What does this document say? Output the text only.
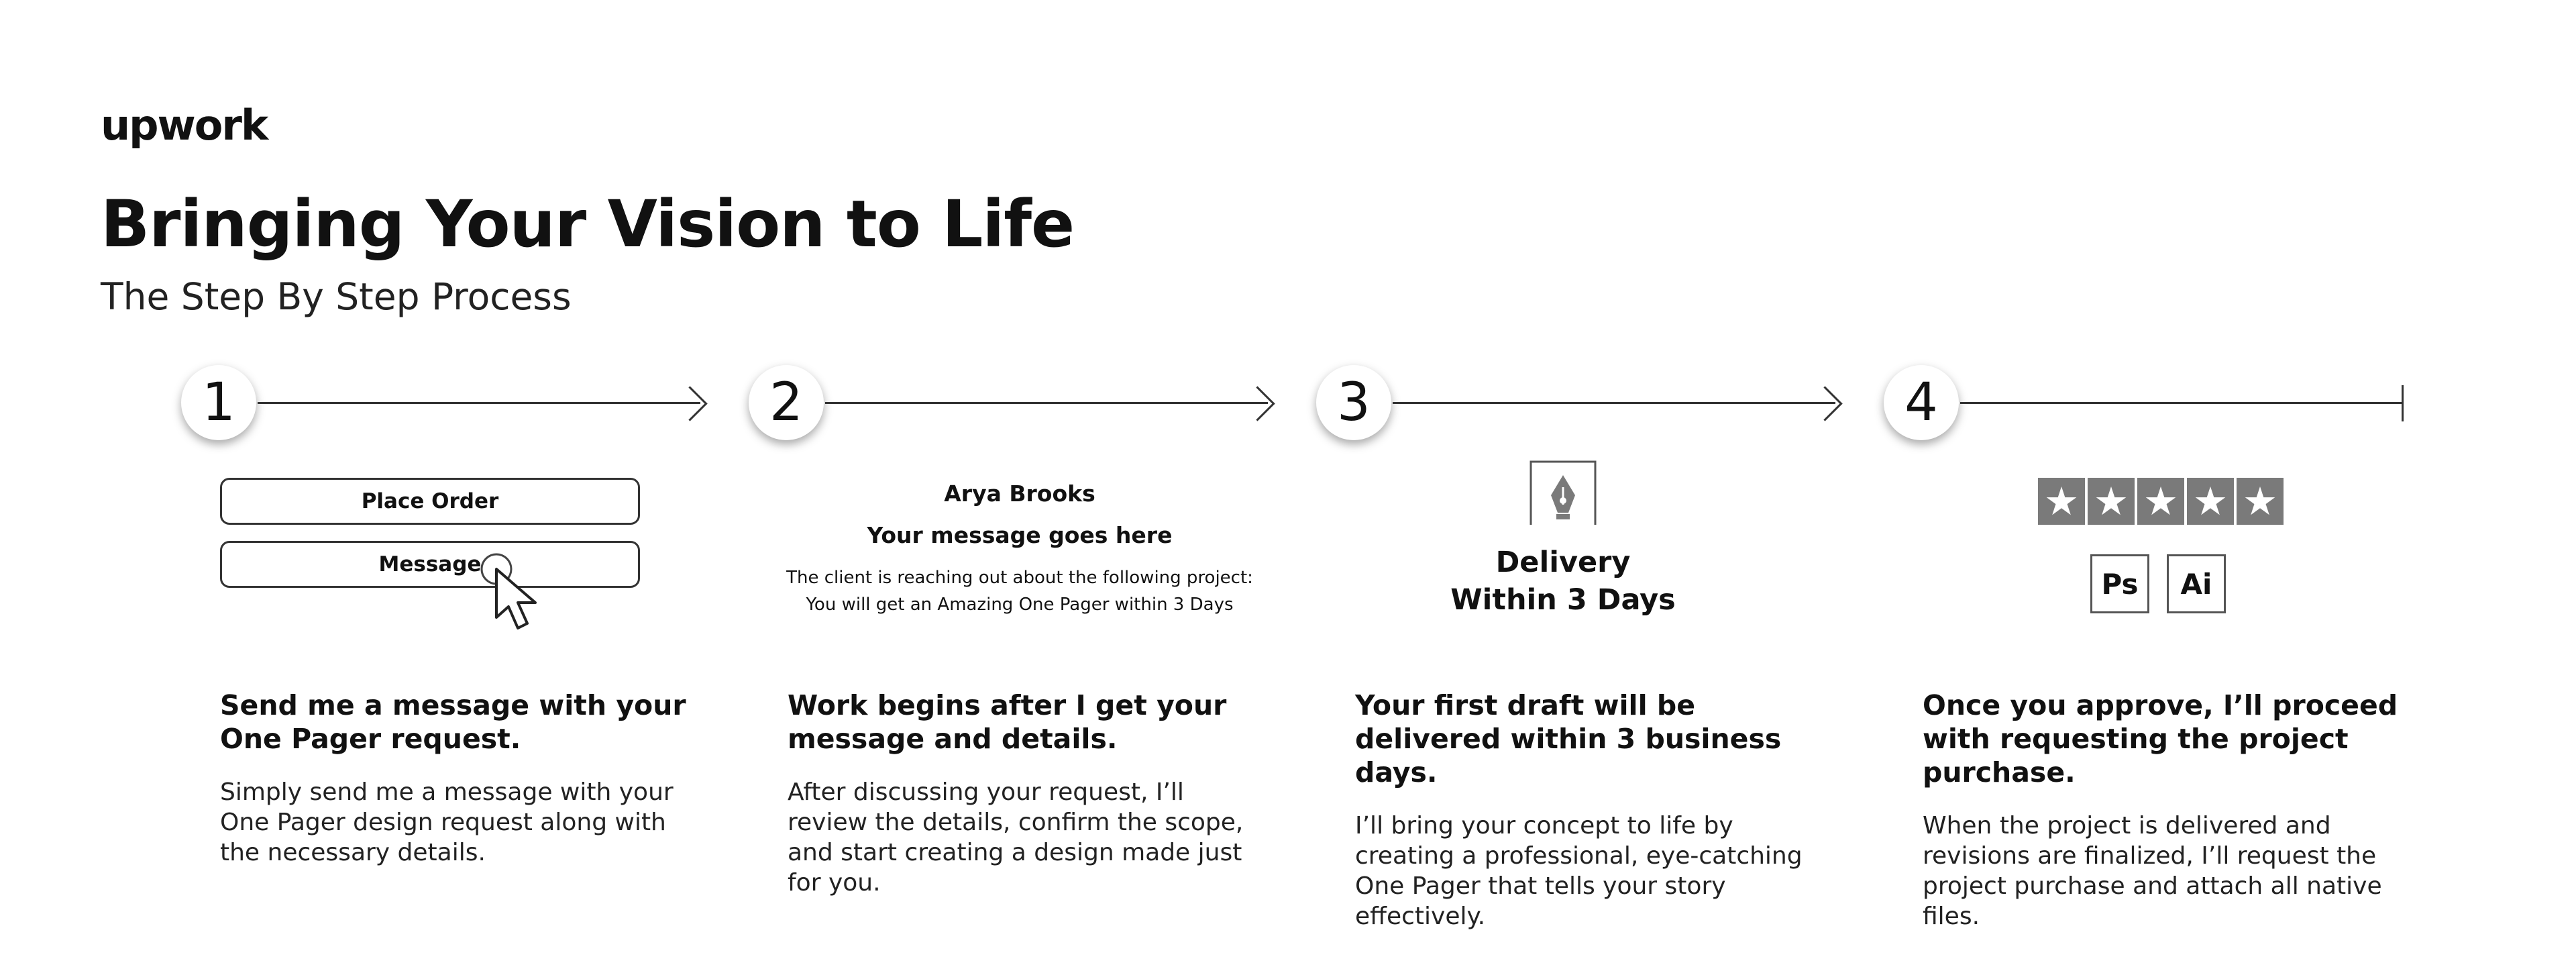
upwork
Bringing Your Vision to Life
The Step By Step Process
1	2	3	4
Place Order
Message
Arya Brooks
Your message goes here
The client is reaching out about the following project:
You will get an Amazing One Pager within 3 Days
Delivery
Within 3 Days
★ ★ ★ ★ ★
Ps	Ai
Send me a message with your One Pager request.
Simply send me a message with your One Pager design request along with the necessary details.
Work begins after I get your message and details.
After discussing your request, I’ll review the details, confirm the scope, and start creating a design made just for you.
Your first draft will be delivered within 3 business days.
I’ll bring your concept to life by creating a professional, eye-catching One Pager that tells your story effectively.
Once you approve, I’ll proceed with requesting the project purchase.
When the project is delivered and revisions are finalized, I’ll request the project purchase and attach all native files.
